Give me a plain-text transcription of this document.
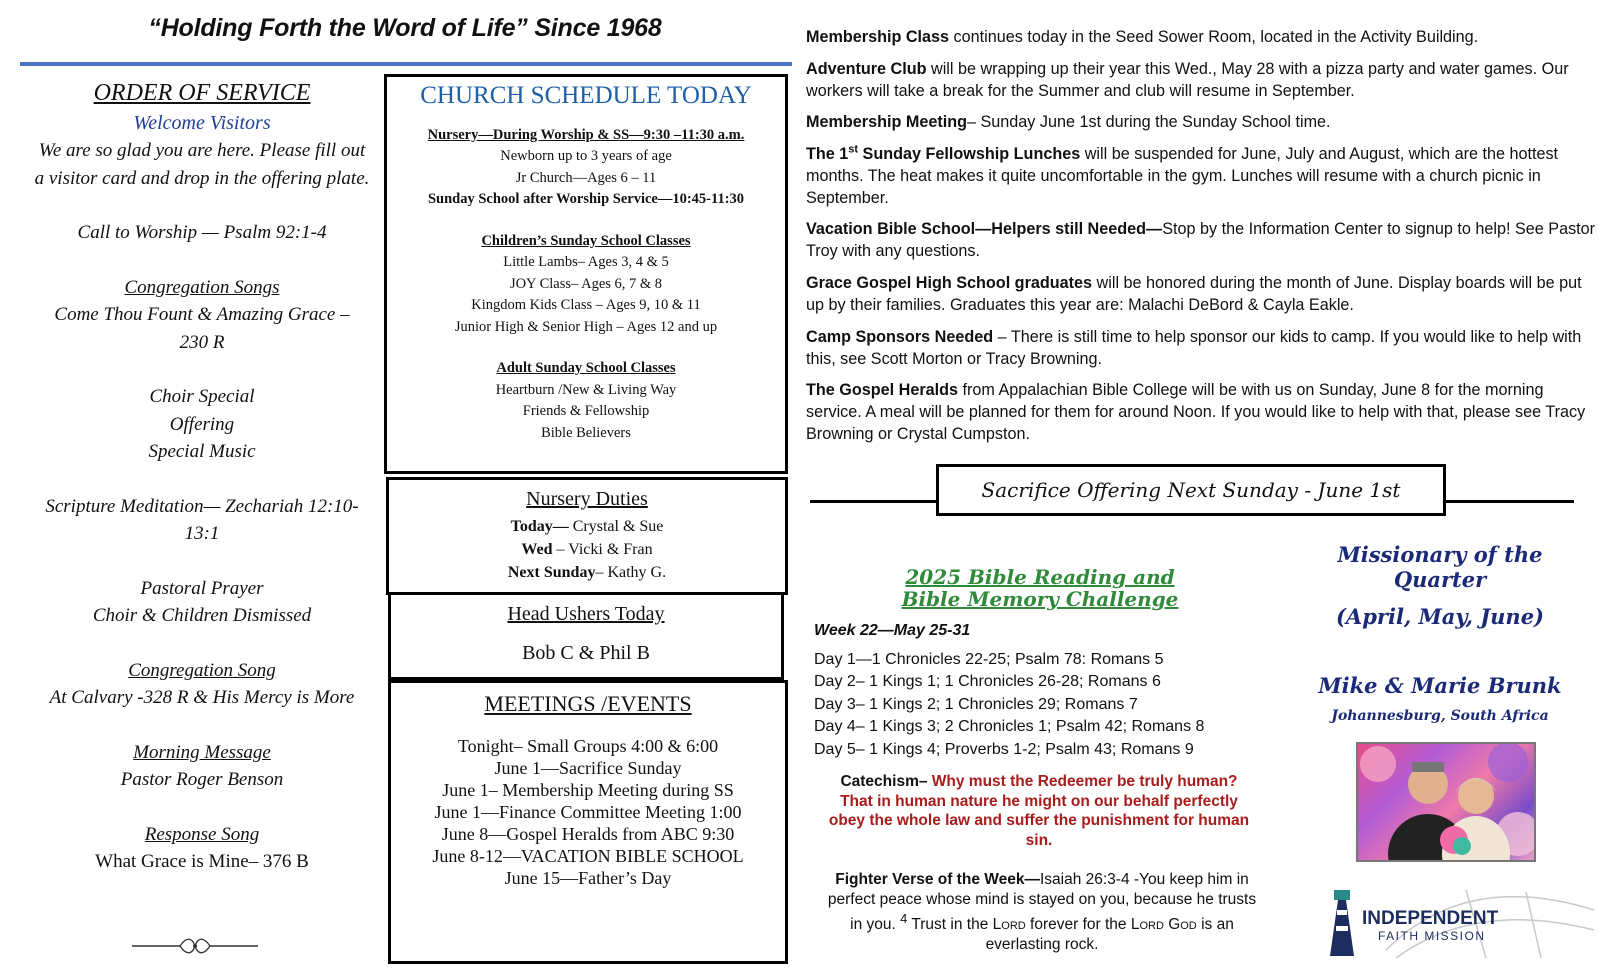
“Holding Forth the Word of Life” Since 1968
ORDER OF SERVICE
Welcome Visitors
We are so glad you are here. Please fill out
a visitor card and drop in the offering plate.
Call to Worship — Psalm 92:1-4
Congregation Songs
Come Thou Fount & Amazing Grace –
230 R
Choir Special
Offering
Special Music
Scripture Meditation— Zechariah 12:10-
13:1
Pastoral Prayer
Choir & Children Dismissed
Congregation Song
At Calvary -328 R & His Mercy is More
Morning Message
Pastor Roger Benson
Response Song
What Grace is Mine– 376 B
CHURCH SCHEDULE TODAY
Nursery—During Worship & SS—9:30 –11:30 a.m.
Newborn up to 3 years of age
Jr Church—Ages 6 – 11
Sunday School after Worship Service—10:45-11:30
Children’s Sunday School Classes
Little Lambs– Ages 3, 4 & 5
JOY Class– Ages 6, 7 & 8
Kingdom Kids Class – Ages 9, 10 & 11
Junior High & Senior High – Ages 12 and up
Adult Sunday School Classes
Heartburn /New & Living Way
Friends & Fellowship
Bible Believers
Nursery Duties
Today— Crystal & Sue
Wed – Vicki & Fran
Next Sunday– Kathy G.
Head Ushers Today
Bob C & Phil B
MEETINGS /EVENTS
Tonight– Small Groups 4:00 & 6:00
June 1—Sacrifice Sunday
June 1– Membership Meeting during SS
June 1—Finance Committee Meeting 1:00
June 8—Gospel Heralds from ABC 9:30
June 8-12—VACATION BIBLE SCHOOL
June 15—Father’s Day

Membership Class continues today in the Seed Sower Room, located in the Activity Building.

Adventure Club will be wrapping up their year this Wed., May 28 with a pizza party and water games. Our workers will take a break for the Summer and club will resume in September.

Membership Meeting– Sunday June 1st during the Sunday School time.

The 1st Sunday Fellowship Lunches will be suspended for June, July and August, which are the hottest months. The heat makes it quite uncomfortable in the gym. Lunches will resume with a church picnic in September.

Vacation Bible School—Helpers still Needed—Stop by the Information Center to signup to help! See Pastor Troy with any questions.

Grace Gospel High School graduates will be honored during the month of June. Display boards will be put up by their families. Graduates this year are: Malachi DeBord & Cayla Eakle.

Camp Sponsors Needed – There is still time to help sponsor our kids to camp. If you would like to help with this, see Scott Morton or Tracy Browning.

The Gospel Heralds from Appalachian Bible College will be with us on Sunday, June 8 for the morning service. A meal will be planned for them for around Noon. If you would like to help with that, please see Tracy Browning or Crystal Cumpston.

Sacrifice Offering Next Sunday - June 1st
2025 Bible Reading and
Bible Memory Challenge
Week 22—May 25-31
Day 1—1 Chronicles 22-25; Psalm 78: Romans 5
Day 2– 1 Kings 1; 1 Chronicles 26-28; Romans 6
Day 3– 1 Kings 2; 1 Chronicles 29; Romans 7
Day 4– 1 Kings 3; 2 Chronicles 1; Psalm 42; Romans 8
Day 5– 1 Kings 4; Proverbs 1-2; Psalm 43; Romans 9
Catechism– Why must the Redeemer be truly human? That in human nature he might on our behalf perfectly obey the whole law and suffer the punishment for human sin.
Fighter Verse of the Week—Isaiah 26:3-4 -You keep him in perfect peace whose mind is stayed on you, because he trusts in you. $^4$ Trust in the Lord forever for the Lord God is an everlasting rock.
Missionary of the Quarter
(April, May, June)
Mike & Marie Brunk
Johannesburg, South Africa
INDEPENDENT
FAITH MISSION
